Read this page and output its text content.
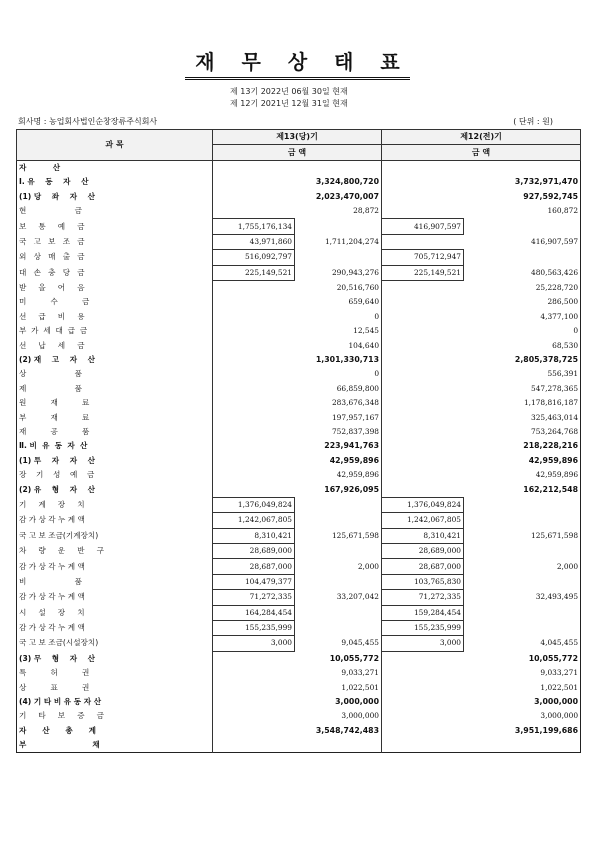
재 무 상 태 표
제 13기 2022년 06월 30일 현재
제 12기 2021년 12월 31일 현재
회사명 : 농업회사법인순창장류주식회사	( 단위 : 원)
과 목	제13(당)기		제12(전)기	
	금 액		금 액	
자          산				
Ⅰ. 유    동    자    산		3,324,800,720		3,732,971,470
(1) 당    좌    자    산		2,023,470,007		927,592,745
현                    금		28,872		160,872
보     통     예     금	1,755,176,134		416,907,597	
국   고   보   조   금	43,971,860	1,711,204,274		416,907,597
외   상   매   출   금	516,092,797		705,712,947	
대   손   충   당   금	225,149,521	290,943,276	225,149,521	480,563,426
받     을     어     음		20,516,760		25,228,720
미          수          금		659,640		286,500
선     급     비     용		0		4,377,100
부  가  세  대  급  금		12,545		0
선     납     세     금		104,640		68,530
(2) 재    고    자    산		1,301,330,713		2,805,378,725
상                    품		0		556,391
제                    품		66,859,800		547,278,365
원          재          료		283,676,348		1,178,816,187
부          재          료		197,957,167		325,463,014
재          공          품		752,837,398		753,264,768
Ⅱ. 비  유  동  자  산		223,941,763		218,228,216
(1) 투    자    자    산		42,959,896		42,959,896
장    기    성    예    금		42,959,896		42,959,896
(2) 유    형    자    산		167,926,095		162,212,548
기     계     장     치	1,376,049,824		1,376,049,824	
감 가 상 각 누 계 액	1,242,067,805		1,242,067,805	
국 고 보 조금(기계장치)	8,310,421	125,671,598	8,310,421	125,671,598
차     량     운     반     구	28,689,000		28,689,000	
감 가 상 각 누 계 액	28,687,000	2,000	28,687,000	2,000
비                    품	104,479,377		103,765,830	
감 가 상 각 누 계 액	71,272,335	33,207,042	71,272,335	32,493,495
시     설     장     치	164,284,454		159,284,454	
감 가 상 각 누 계 액	155,235,999		155,235,999	
국 고 보 조금(시설장치)	3,000	9,045,455	3,000	4,045,455
(3) 무    형    자    산		10,055,772		10,055,772
특          허          권		9,033,271		9,033,271
상          표          권		1,022,501		1,022,501
(4) 기 타 비 유 동 자 산		3,000,000		3,000,000
기     타     보     증     금		3,000,000		3,000,000
자      산      총      계		3,548,742,483		3,951,199,686
부                         채				
